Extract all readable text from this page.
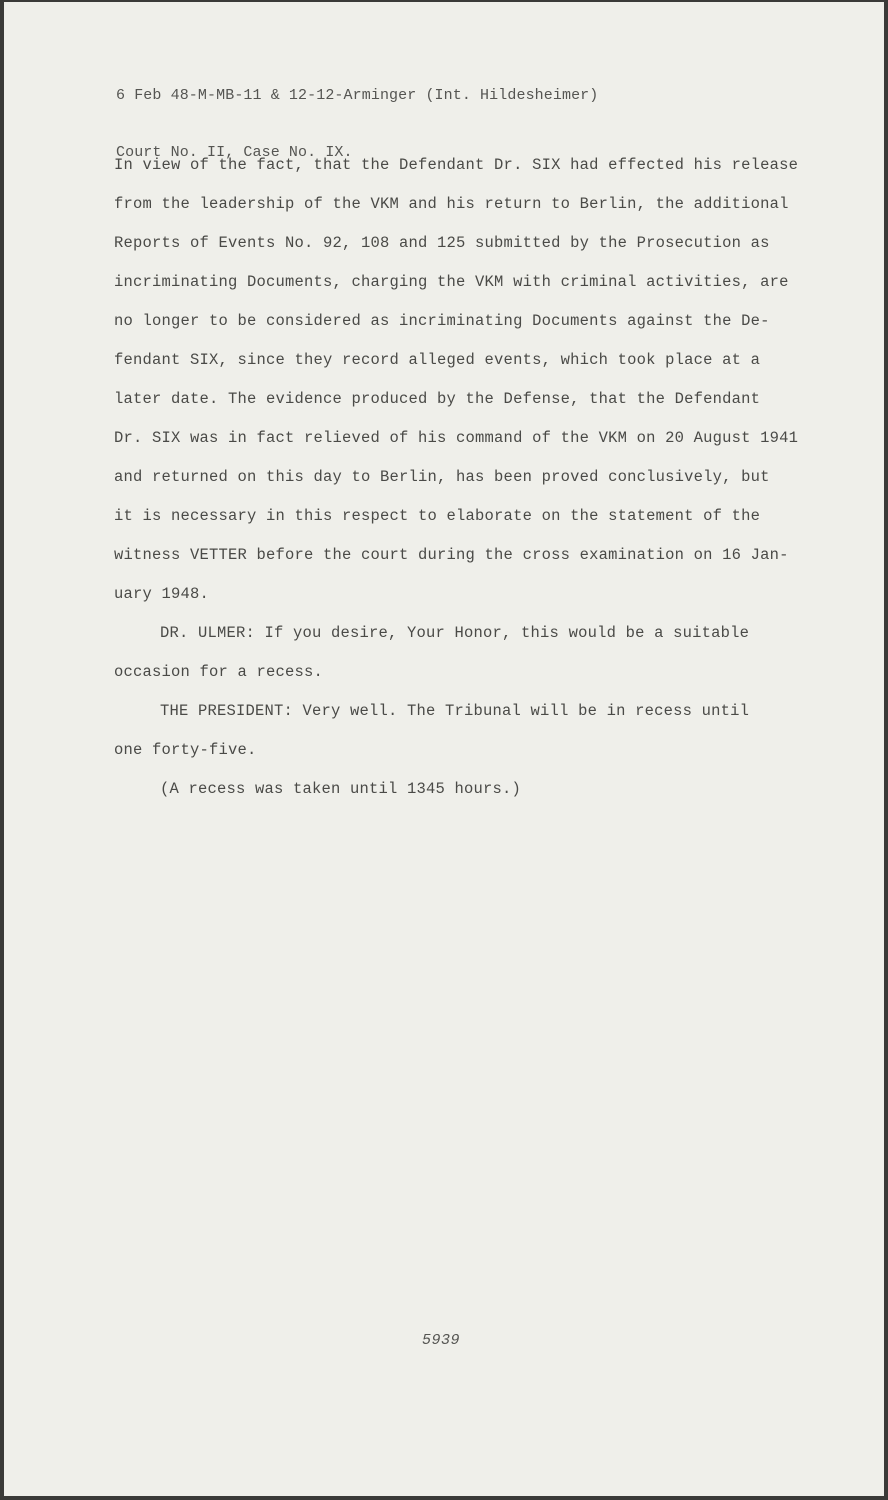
6 Feb 48-M-MB-11 & 12-12-Arminger (Int. Hildesheimer)

Court No. II, Case No. IX.

In view of the fact, that the Defendant Dr. SIX had effected his release
from the leadership of the VKM and his return to Berlin, the additional
Reports of Events No. 92, 108 and 125 submitted by the Prosecution as
incriminating Documents, charging the VKM with criminal activities, are
no longer to be considered as incriminating Documents against the De-
fendant SIX, since they record alleged events, which took place at a
later date. The evidence produced by the Defense, that the Defendant
Dr. SIX was in fact relieved of his command of the VKM on 20 August 1941
and returned on this day to Berlin, has been proved conclusively, but
it is necessary in this respect to elaborate on the statement of the
witness VETTER before the court during the cross examination on 16 Jan-
uary 1948.
DR. ULMER: If you desire, Your Honor, this would be a suitable
occasion for a recess.
THE PRESIDENT: Very well. The Tribunal will be in recess until
one forty-five.
(A recess was taken until 1345 hours.)
5939
